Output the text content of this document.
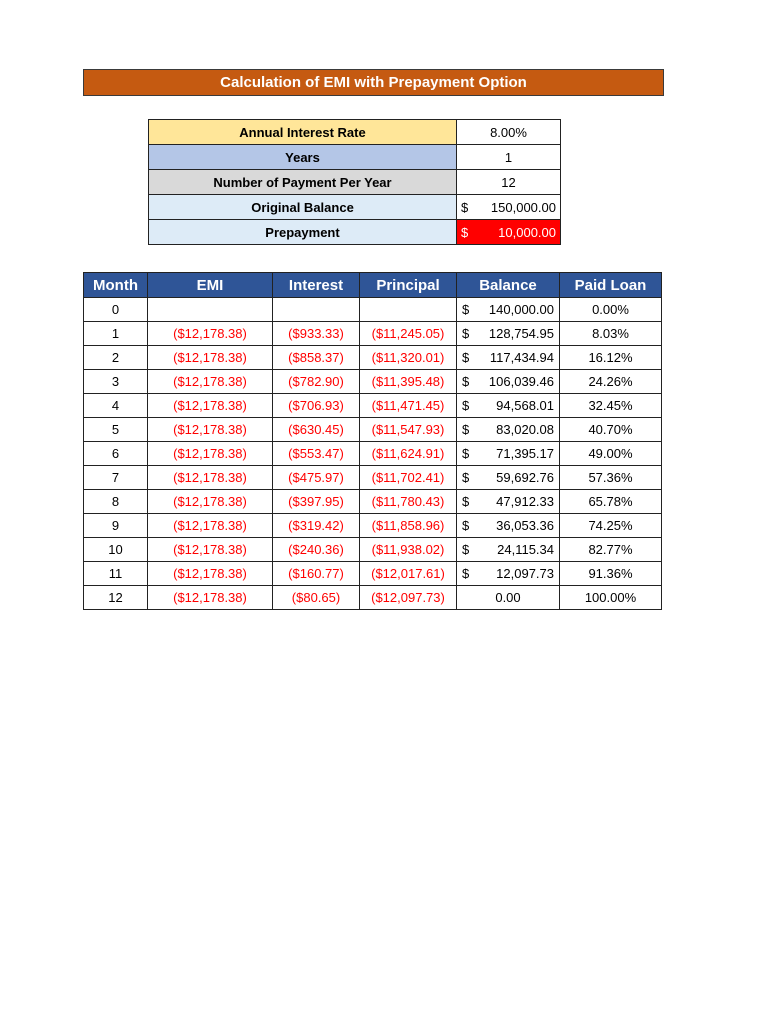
Calculation of EMI with Prepayment Option
Annual Interest Rate	8.00%
Years	1
Number of Payment Per Year	12
Original Balance	$ 150,000.00

Prepayment	$ 10,000.00
Month	EMI	Interest	Principal	Balance	Paid Loan
0				$ 140,000.00	0.00%
1	($12,178.38)	($933.33)	($11,245.05)	$ 128,754.95	8.03%
2	($12,178.38)	($858.37)	($11,320.01)	$ 117,434.94	16.12%
3	($12,178.38)	($782.90)	($11,395.48)	$ 106,039.46	24.26%
4	($12,178.38)	($706.93)	($11,471.45)	$ 94,568.01	32.45%
5	($12,178.38)	($630.45)	($11,547.93)	$ 83,020.08	40.70%
6	($12,178.38)	($553.47)	($11,624.91)	$ 71,395.17	49.00%
7	($12,178.38)	($475.97)	($11,702.41)	$ 59,692.76	57.36%
8	($12,178.38)	($397.95)	($11,780.43)	$ 47,912.33	65.78%
9	($12,178.38)	($319.42)	($11,858.96)	$ 36,053.36	74.25%
10	($12,178.38)	($240.36)	($11,938.02)	$ 24,115.34	82.77%
11	($12,178.38)	($160.77)	($12,017.61)	$ 12,097.73	91.36%
12	($12,178.38)	($80.65)	($12,097.73)	0.00	100.00%
